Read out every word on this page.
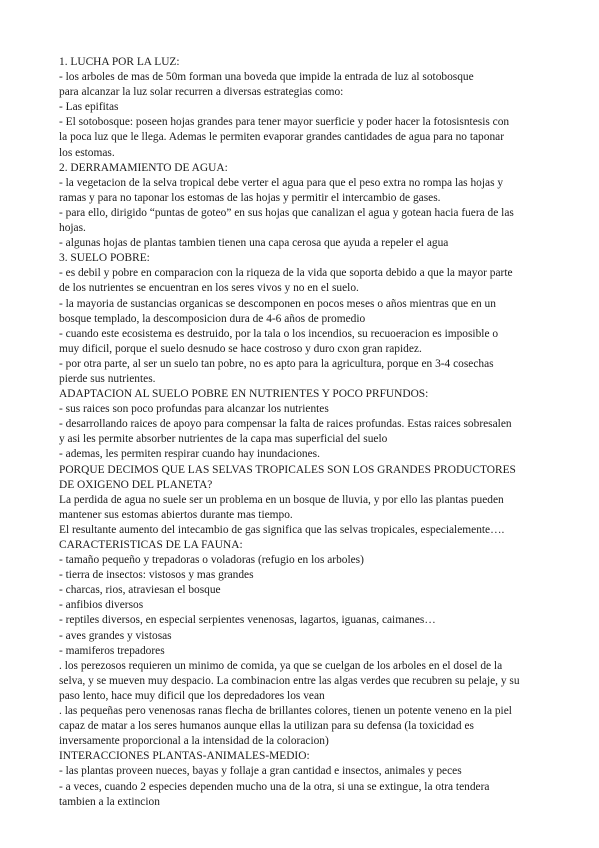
1. LUCHA POR LA LUZ:
- los arboles de mas de 50m forman una boveda que impide la entrada de luz al sotobosque
para alcanzar la luz solar recurren a diversas estrategias como:
- Las epifitas
- El sotobosque: poseen hojas grandes para tener mayor suerficie y poder hacer la fotosisntesis con
la poca luz que le llega. Ademas le permiten evaporar grandes cantidades de agua para no taponar
los estomas.
2. DERRAMAMIENTO DE AGUA:
- la vegetacion de la selva tropical debe verter el agua para que el peso extra no rompa las hojas y
ramas y para no taponar los estomas de las hojas y permitir el intercambio de gases.
- para ello, dirigido “puntas de goteo” en sus hojas que canalizan el agua y gotean hacia fuera de las
hojas.
- algunas hojas de plantas tambien tienen una capa cerosa que ayuda a repeler el agua
3. SUELO POBRE:
- es debil y pobre en comparacion con la riqueza de la vida que soporta debido a que la mayor parte
de los nutrientes se encuentran en los seres vivos y no en el suelo.
- la mayoria de sustancias organicas se descomponen en pocos meses o años mientras que en un
bosque templado, la descomposicion dura de 4-6 años de promedio
- cuando este ecosistema es destruido, por la tala o los incendios, su recuoeracion es imposible o
muy dificil, porque el suelo desnudo se hace costroso y duro cxon gran rapidez.
- por otra parte, al ser un suelo tan pobre, no es apto para la agricultura, porque en 3-4 cosechas
pierde sus nutrientes.
ADAPTACION AL SUELO POBRE EN NUTRIENTES Y POCO PRFUNDOS:
- sus raices son poco profundas para alcanzar los nutrientes
- desarrollando raices de apoyo para compensar la falta de raices profundas. Estas raices sobresalen
y asi les permite absorber nutrientes de la capa mas superficial del suelo
- ademas, les permiten respirar cuando hay inundaciones.
PORQUE DECIMOS QUE LAS SELVAS TROPICALES SON LOS GRANDES PRODUCTORES
DE OXIGENO DEL PLANETA?
La perdida de agua no suele ser un problema en un bosque de lluvia, y por ello las plantas pueden
mantener sus estomas abiertos durante mas tiempo.
El resultante aumento del intecambio de gas significa que las selvas tropicales, especialemente….
CARACTERISTICAS DE LA FAUNA:
- tamaño pequeño y trepadoras o voladoras (refugio en los arboles)
- tierra de insectos: vistosos y mas grandes
- charcas, rios, atraviesan el bosque
- anfibios diversos
- reptiles diversos, en especial serpientes venenosas, lagartos, iguanas, caimanes…
- aves grandes y vistosas
- mamiferos trepadores
. los perezosos requieren un minimo de comida, ya que se cuelgan de los arboles en el dosel de la
selva, y se mueven muy despacio. La combinacion entre las algas verdes que recubren su pelaje, y su
paso lento, hace muy dificil que los depredadores los vean
. las pequeñas pero venenosas ranas flecha de brillantes colores, tienen un potente veneno en la piel
capaz de matar a los seres humanos aunque ellas la utilizan para su defensa (la toxicidad es
inversamente proporcional a la intensidad de la coloracion)
INTERACCIONES PLANTAS-ANIMALES-MEDIO:
- las plantas proveen nueces, bayas y follaje a gran cantidad e insectos, animales y peces
- a veces, cuando 2 especies dependen mucho una de la otra, si una se extingue, la otra tendera
tambien a la extincion
